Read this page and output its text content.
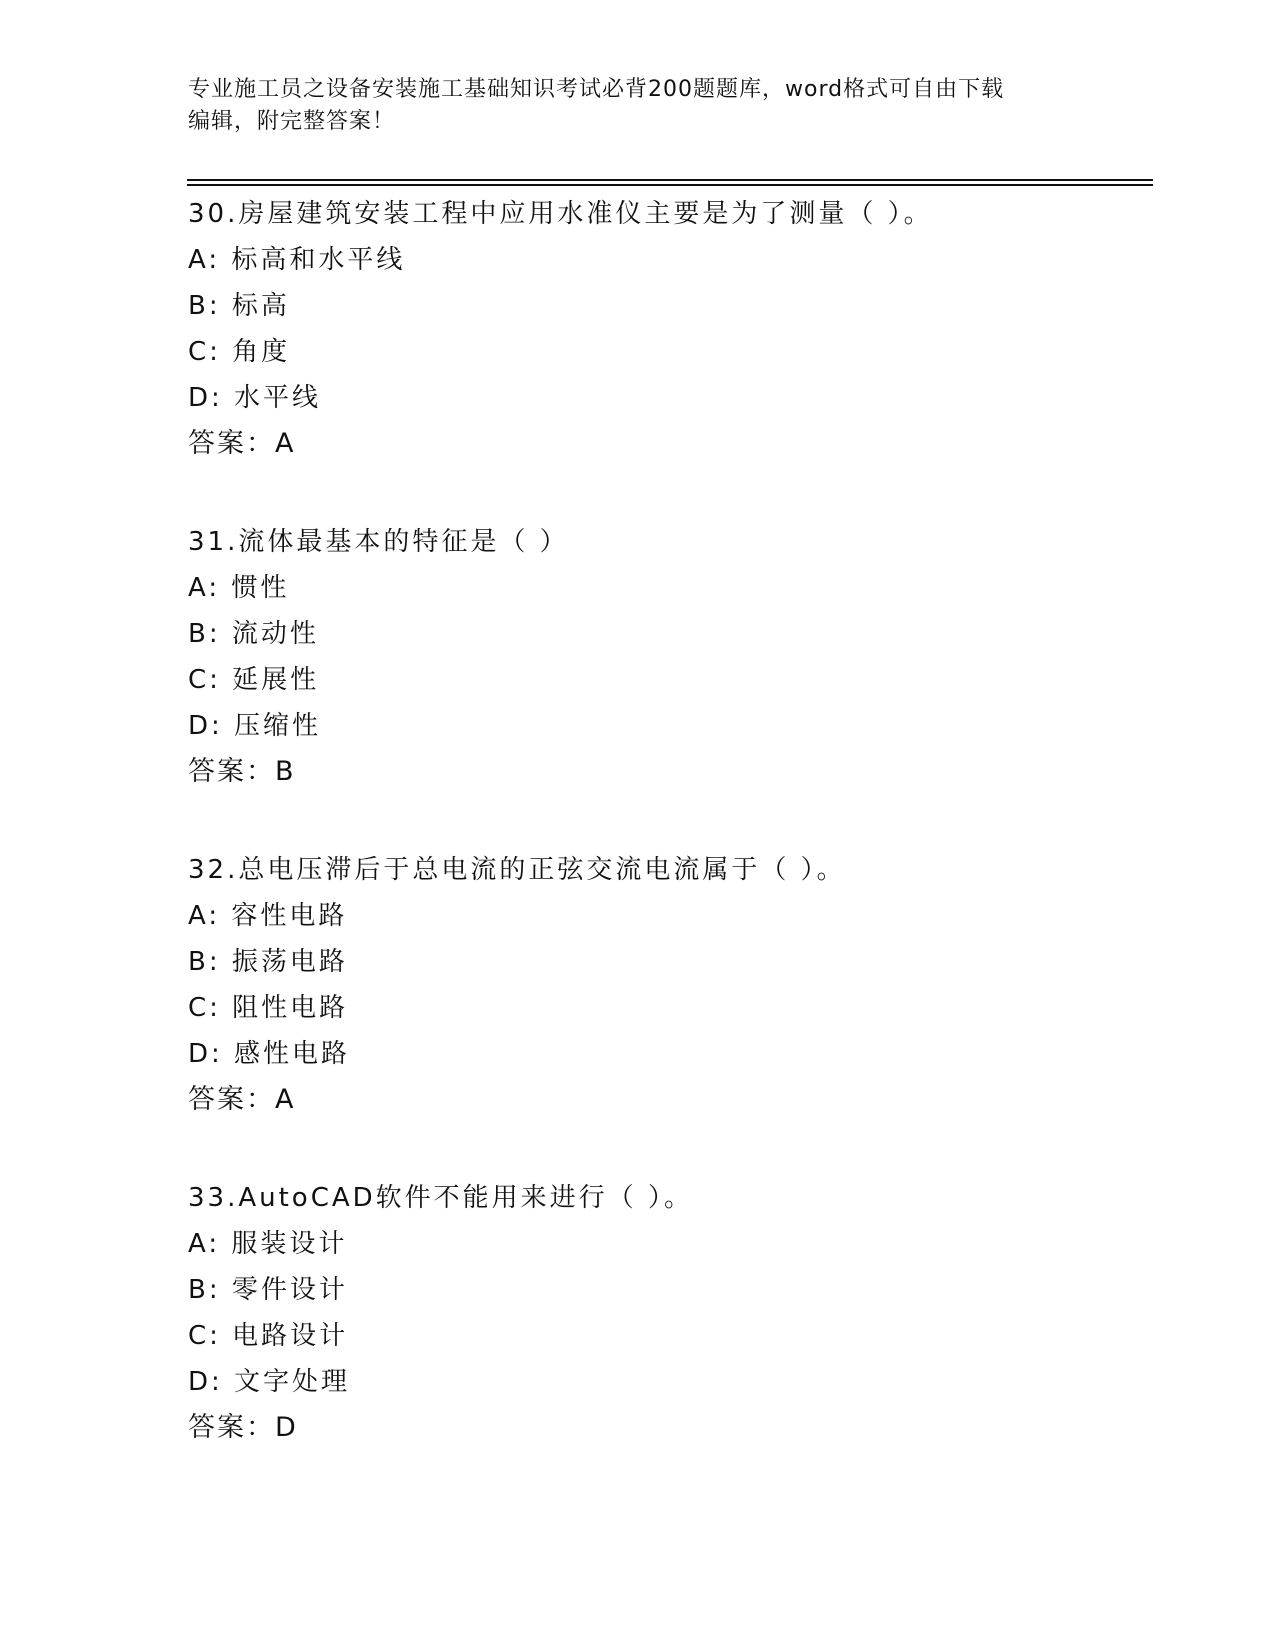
专业施工员之设备安装施工基础知识考试必背200题题库，word格式可自由下载
编辑，附完整答案！
30.房屋建筑安装工程中应用水准仪主要是为了测量（ ）。
A: 标高和水平线
B: 标高
C: 角度
D: 水平线
答案：A
31.流体最基本的特征是（ ）
A: 惯性
B: 流动性
C: 延展性
D: 压缩性
答案：B
32.总电压滞后于总电流的正弦交流电流属于（ ）。
A: 容性电路
B: 振荡电路
C: 阻性电路
D: 感性电路
答案：A
33.AutoCAD软件不能用来进行（ ）。
A: 服装设计
B: 零件设计
C: 电路设计
D: 文字处理
答案：D
